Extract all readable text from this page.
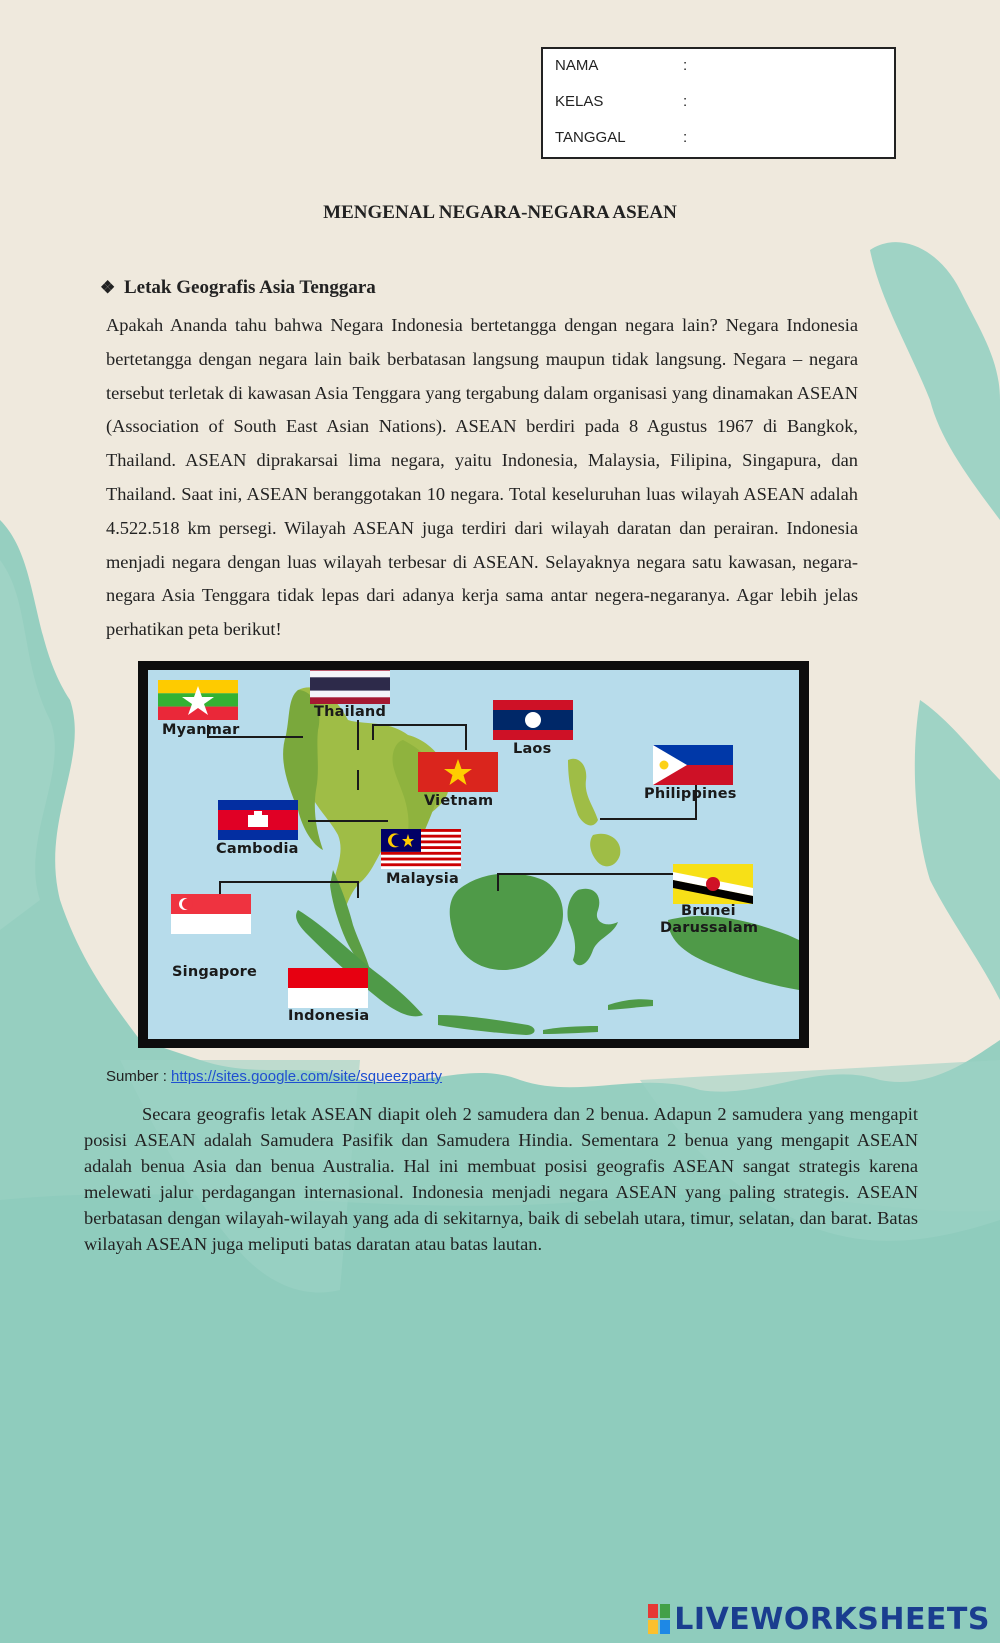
NAMA	:
KELAS	:
TANGGAL	:
MENGENAL NEGARA-NEGARA ASEAN
❖ Letak Geografis Asia Tenggara

Apakah Ananda tahu bahwa Negara Indonesia bertetangga dengan negara lain? Negara Indonesia bertetangga dengan negara lain baik berbatasan langsung maupun tidak langsung. Negara – negara tersebut terletak di kawasan Asia Tenggara yang tergabung dalam organisasi yang dinamakan ASEAN (Association of South East Asian Nations). ASEAN berdiri pada 8 Agustus 1967 di Bangkok, Thailand. ASEAN diprakarsai lima negara, yaitu Indonesia, Malaysia, Filipina, Singapura, dan Thailand. Saat ini, ASEAN beranggotakan 10 negara. Total keseluruhan luas wilayah ASEAN adalah 4.522.518 km persegi. Wilayah ASEAN juga terdiri dari wilayah daratan dan perairan. Indonesia menjadi negara dengan luas wilayah terbesar di ASEAN. Selayaknya negara satu kawasan, negara-negara Asia Tenggara tidak lepas dari adanya kerja sama antar negera-negaranya. Agar lebih jelas perhatikan peta berikut!

Myanmar
Thailand
Laos
Vietnam	Philippines
Cambodia
Malaysia
Brunei
Darussalam
Singapore
Indonesia
Sumber : https://sites.google.com/site/squeezparty

Secara geografis letak ASEAN diapit oleh 2 samudera dan 2 benua. Adapun 2 samudera yang mengapit posisi ASEAN adalah Samudera Pasifik dan Samudera Hindia. Sementara 2 benua yang mengapit ASEAN adalah benua Asia dan benua Australia. Hal ini membuat posisi geografis ASEAN sangat strategis karena melewati jalur perdagangan internasional. Indonesia menjadi negara ASEAN yang paling strategis. ASEAN berbatasan dengan wilayah-wilayah yang ada di sekitarnya, baik di sebelah utara, timur, selatan, dan barat. Batas wilayah ASEAN juga meliputi batas daratan atau batas lautan.

LIVEWORKSHEETS
